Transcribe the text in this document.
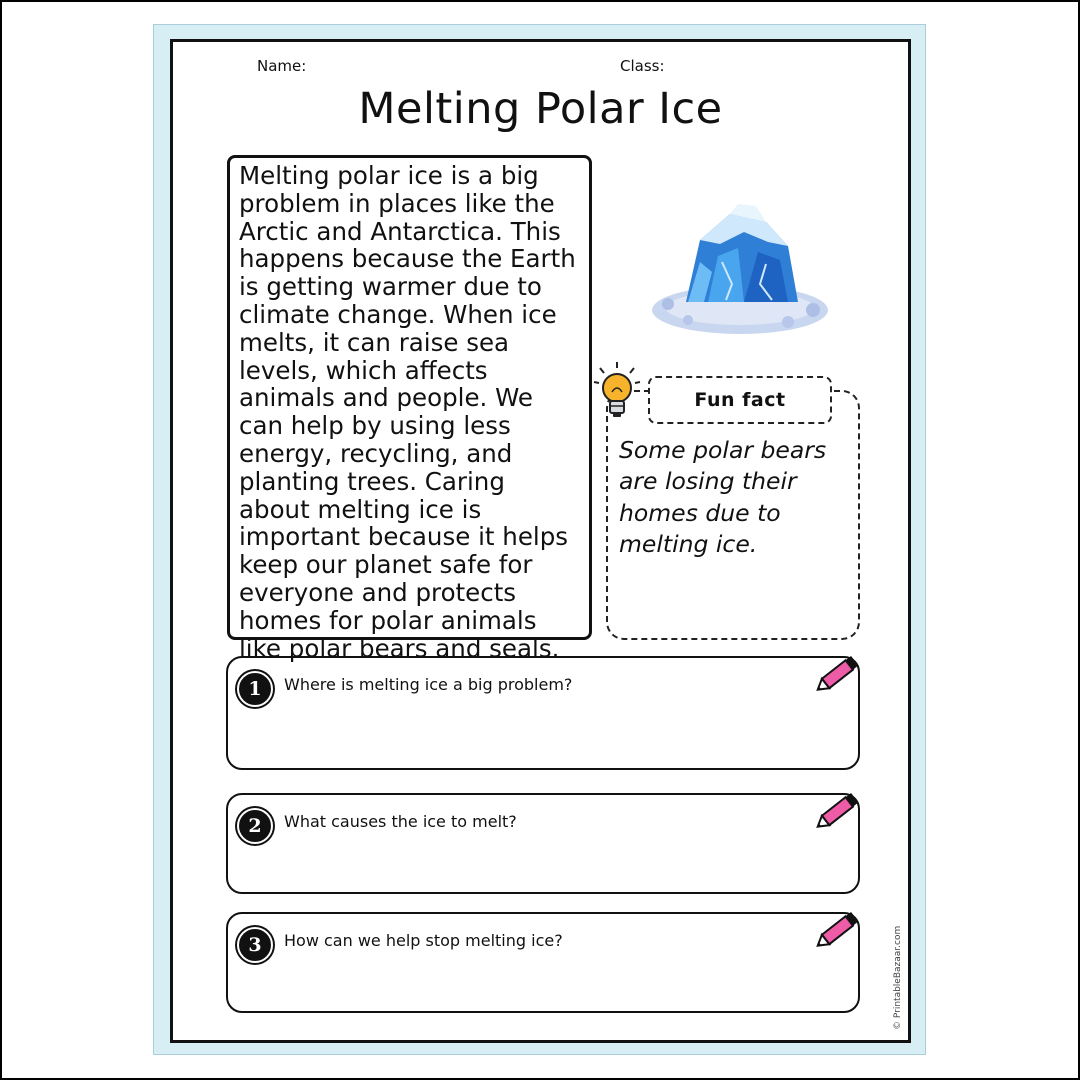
Name:	Class:
Melting Polar Ice

Melting polar ice is a big problem in places like the Arctic and Antarctica. This happens because the Earth is getting warmer due to climate change. When ice melts, it can raise sea levels, which affects animals and people. We can help by using less energy, recycling, and planting trees. Caring about melting ice is important because it helps keep our planet safe for everyone and protects homes for polar animals like polar bears and seals.

Fun fact

Some polar bears are losing their homes due to melting ice.

1	Where is melting ice a big problem?
2	What causes the ice to melt?
3	How can we help stop melting ice?	© PrintableBazaar.com
